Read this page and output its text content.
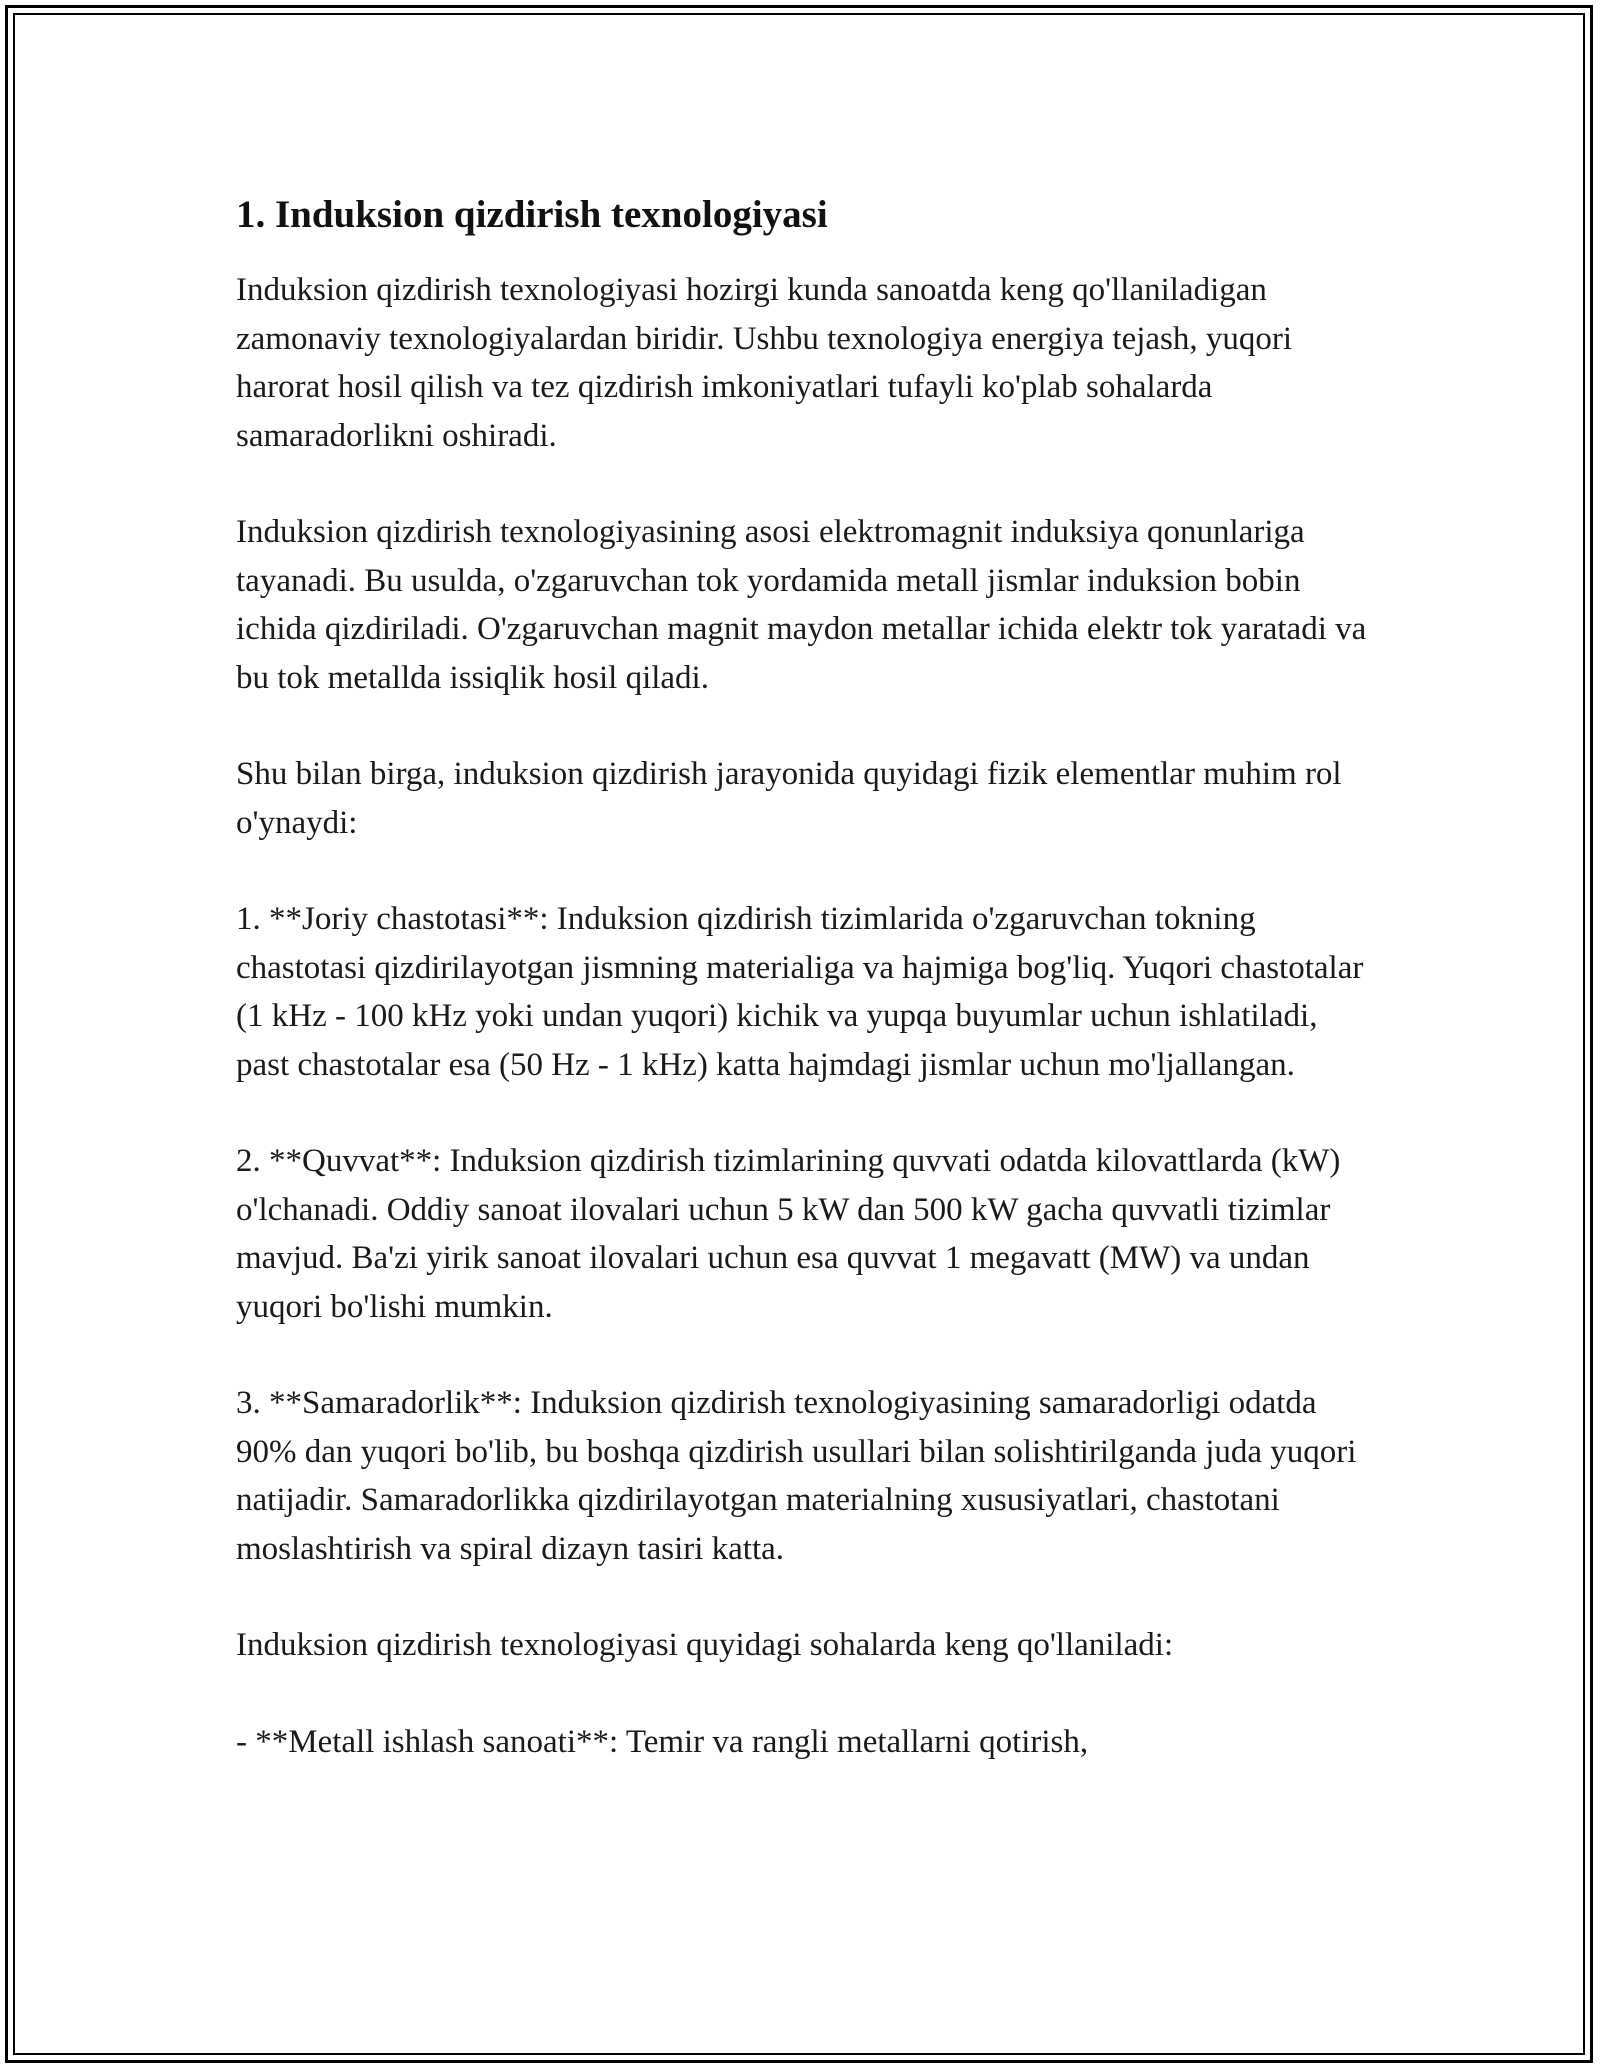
1. Induksion qizdirish texnologiyasi

Induksion qizdirish texnologiyasi hozirgi kunda sanoatda keng qo'llaniladigan zamonaviy texnologiyalardan biridir. Ushbu texnologiya energiya tejash, yuqori harorat hosil qilish va tez qizdirish imkoniyatlari tufayli ko'plab sohalarda samaradorlikni oshiradi.

Induksion qizdirish texnologiyasining asosi elektromagnit induksiya qonunlariga tayanadi. Bu usulda, o'zgaruvchan tok yordamida metall jismlar induksion bobin ichida qizdiriladi. O'zgaruvchan magnit maydon metallar ichida elektr tok yaratadi va bu tok metallda issiqlik hosil qiladi.

Shu bilan birga, induksion qizdirish jarayonida quyidagi fizik elementlar muhim rol o'ynaydi:

1. **Joriy chastotasi**: Induksion qizdirish tizimlarida o'zgaruvchan tokning chastotasi qizdirilayotgan jismning materialiga va hajmiga bog'liq. Yuqori chastotalar (1 kHz - 100 kHz yoki undan yuqori) kichik va yupqa buyumlar uchun ishlatiladi, past chastotalar esa (50 Hz - 1 kHz) katta hajmdagi jismlar uchun mo'ljallangan.

2. **Quvvat**: Induksion qizdirish tizimlarining quvvati odatda kilovattlarda (kW) o'lchanadi. Oddiy sanoat ilovalari uchun 5 kW dan 500 kW gacha quvvatli tizimlar mavjud. Ba'zi yirik sanoat ilovalari uchun esa quvvat 1 megavatt (MW) va undan yuqori bo'lishi mumkin.

3. **Samaradorlik**: Induksion qizdirish texnologiyasining samaradorligi odatda 90% dan yuqori bo'lib, bu boshqa qizdirish usullari bilan solishtirilganda juda yuqori natijadir. Samaradorlikka qizdirilayotgan materialning xususiyatlari, chastotani moslashtirish va spiral dizayn tasiri katta.

Induksion qizdirish texnologiyasi quyidagi sohalarda keng qo'llaniladi:

- **Metall ishlash sanoati**: Temir va rangli metallarni qotirish,
